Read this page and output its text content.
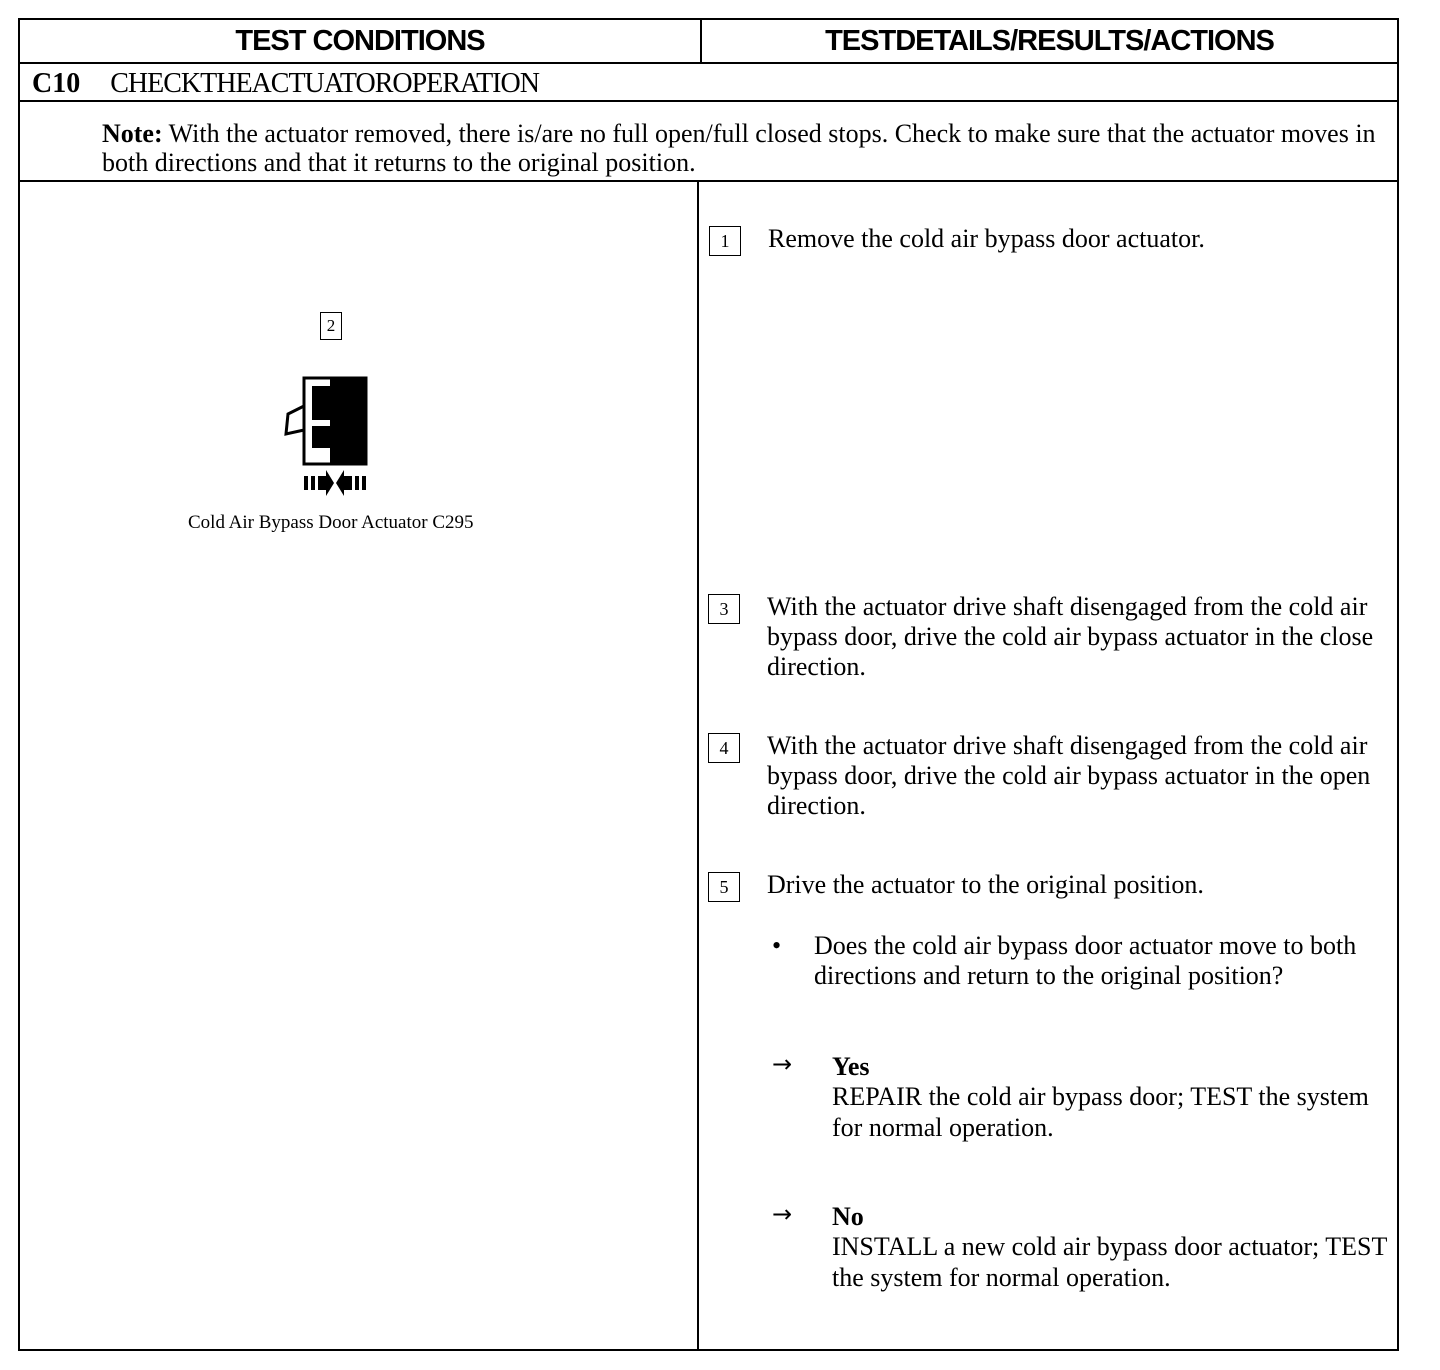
TEST CONDITIONS	TESTDETAILS/RESULTS/ACTIONS
C10 CHECKTHEACTUATOROPERATION
Note: With the actuator removed, there is/are no full open/full closed stops. Check to make sure that the actuator moves in both directions and that it returns to the original position.
2
Cold Air Bypass Door Actuator C295
1	Remove the cold air bypass door actuator.
3	With the actuator drive shaft disengaged from the cold air bypass door, drive the cold air bypass actuator in the close direction.
4	With the actuator drive shaft disengaged from the cold air bypass door, drive the cold air bypass actuator in the open direction.
5	Drive the actuator to the original position.
• Does the cold air bypass door actuator move to both directions and return to the original position?
→ Yes
REPAIR the cold air bypass door; TEST the system for normal operation.
→ No
INSTALL a new cold air bypass door actuator; TEST the system for normal operation.
